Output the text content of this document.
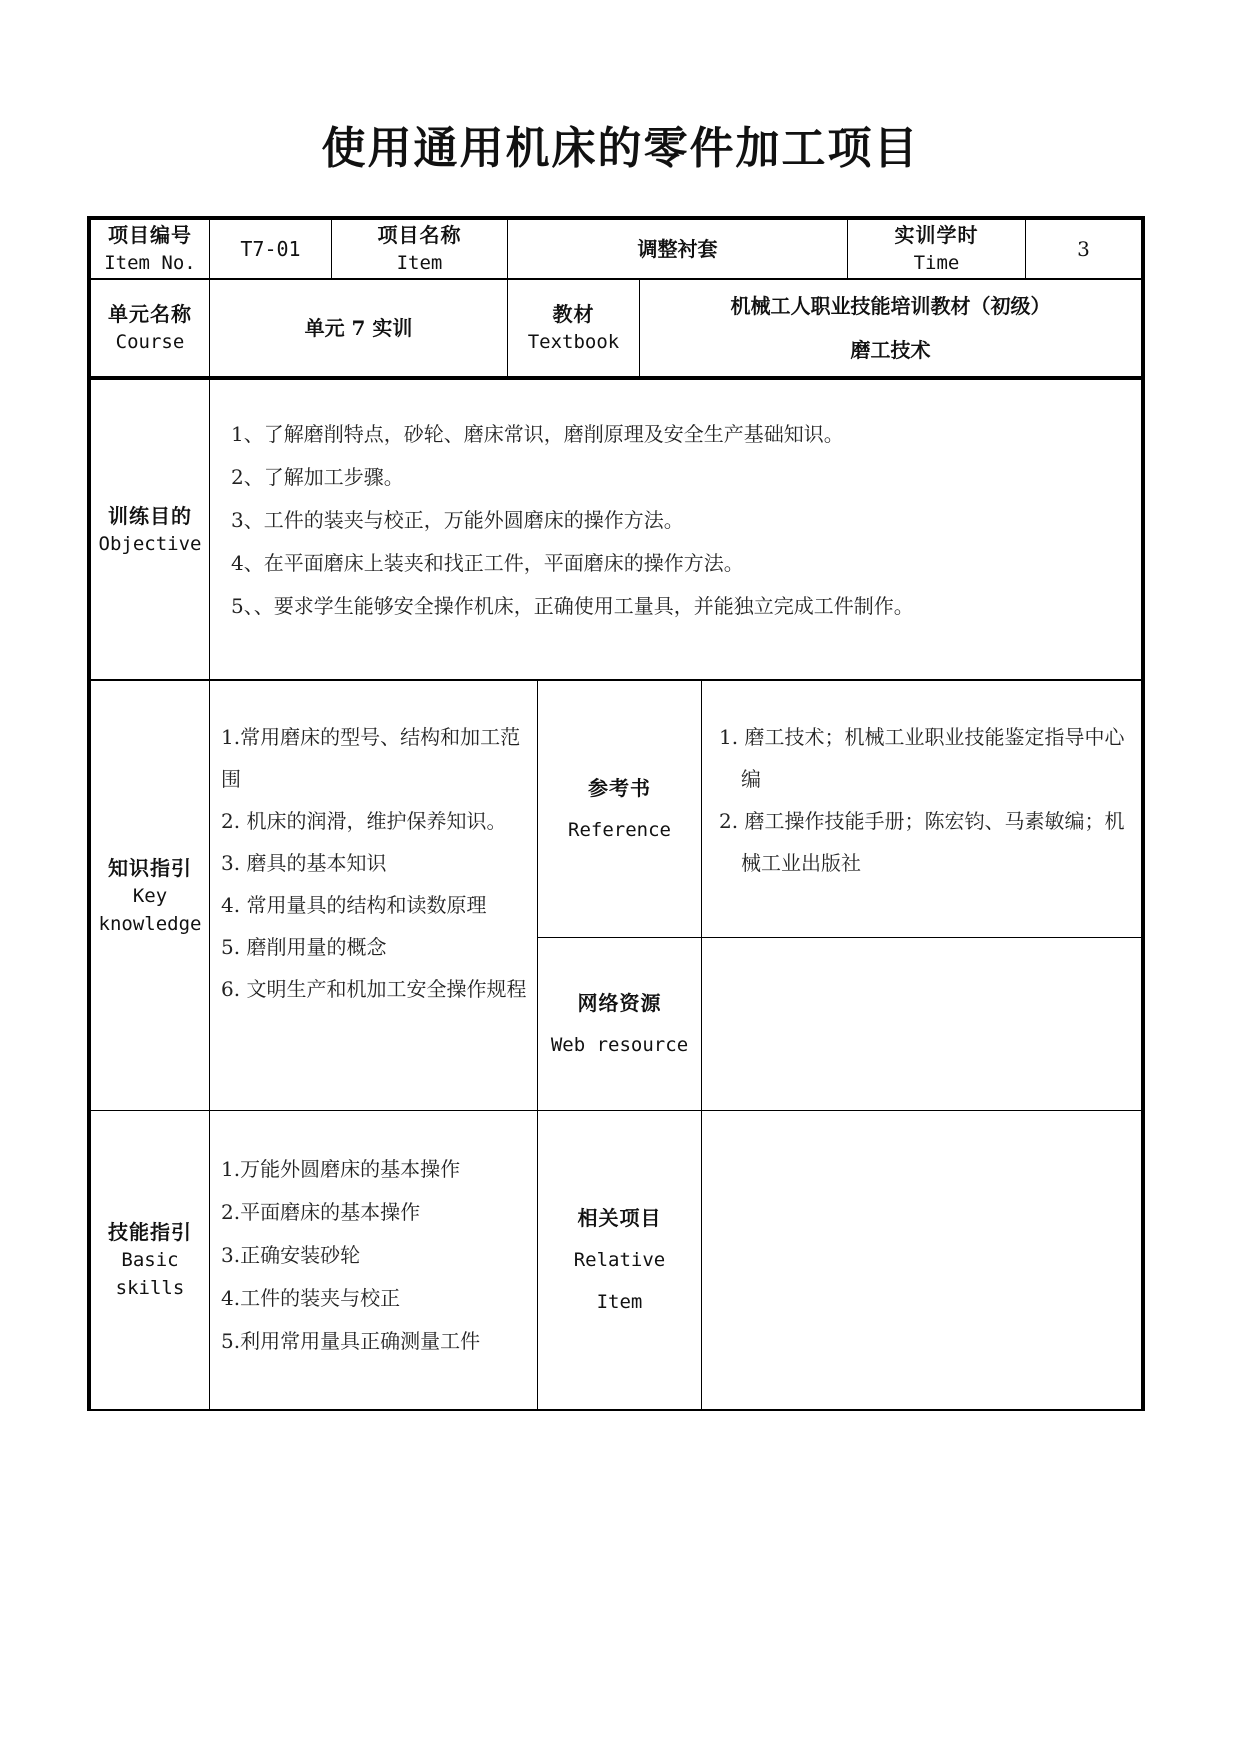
使用通用机床的零件加工项目
项目编号
Item No.
T7-01
项目名称
Item
调整衬套
实训学时
Time
3
单元名称
Course
单元 7 实训
教材
Textbook
机械工人职业技能培训教材（初级）
磨工技术
训练目的
Objective
1、了解磨削特点，砂轮、磨床常识，磨削原理及安全生产基础知识。
2、了解加工步骤。
3、工件的装夹与校正，万能外圆磨床的操作方法。
4、在平面磨床上装夹和找正工件，平面磨床的操作方法。
5、、要求学生能够安全操作机床，正确使用工量具，并能独立完成工件制作。
知识指引
Key
knowledge
1.常用磨床的型号、结构和加工范围
2. 机床的润滑，维护保养知识。
3. 磨具的基本知识
4. 常用量具的结构和读数原理
5. 磨削用量的概念
6. 文明生产和机加工安全操作规程
参考书
Reference
1. 磨工技术；机械工业职业技能鉴定指导中心编
2. 磨工操作技能手册；陈宏钧、马素敏编；机械工业出版社
网络资源
Web resource
技能指引
Basic
skills
1.万能外圆磨床的基本操作
2.平面磨床的基本操作
3.正确安装砂轮
4.工件的装夹与校正
5.利用常用量具正确测量工件
相关项目
Relative
Item
